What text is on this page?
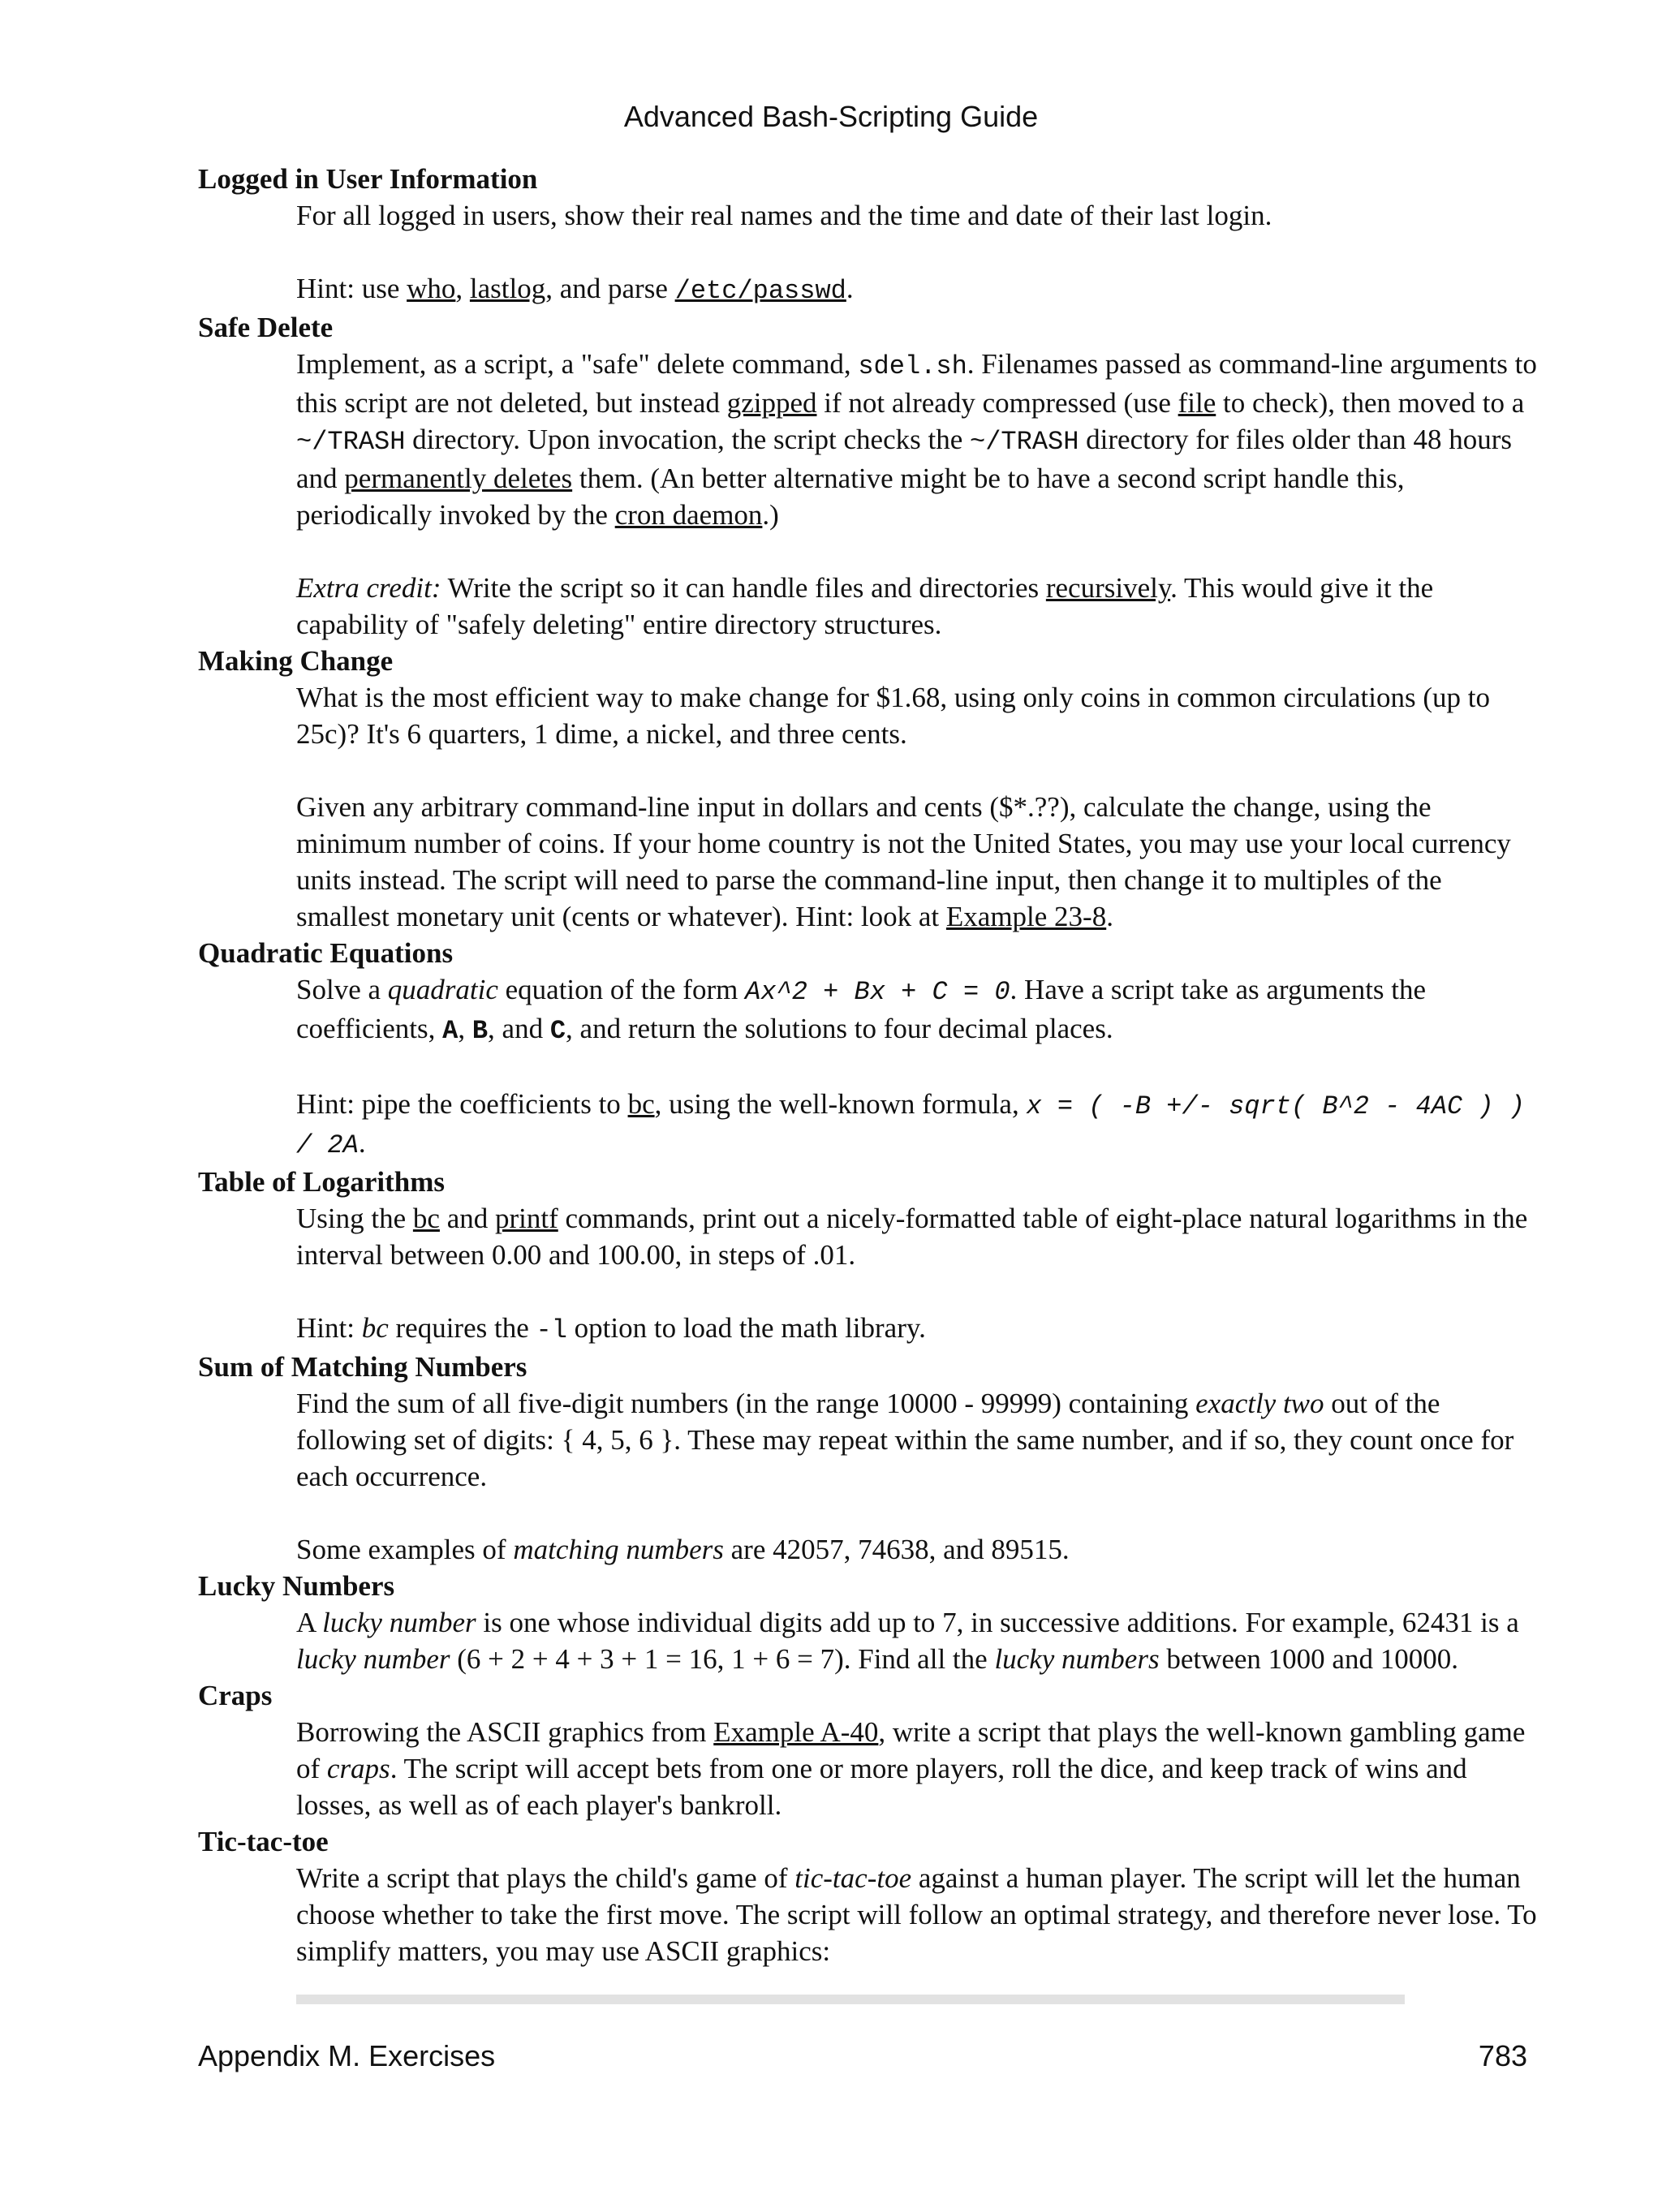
Advanced Bash-Scripting Guide
Logged in User Information

For all logged in users, show their real names and the time and date of their last login.

Hint: use who, lastlog, and parse /etc/passwd.

Safe Delete

Implement, as a script, a "safe" delete command, sdel.sh. Filenames passed as command-line arguments to this script are not deleted, but instead gzipped if not already compressed (use file to check), then moved to a ~/TRASH directory. Upon invocation, the script checks the ~/TRASH directory for files older than 48 hours and permanently deletes them. (An better alternative might be to have a second script handle this, periodically invoked by the cron daemon.)

Extra credit: Write the script so it can handle files and directories recursively. This would give it the capability of "safely deleting" entire directory structures.

Making Change

What is the most efficient way to make change for $1.68, using only coins in common circulations (up to 25c)? It's 6 quarters, 1 dime, a nickel, and three cents.

Given any arbitrary command-line input in dollars and cents ($*.??), calculate the change, using the minimum number of coins. If your home country is not the United States, you may use your local currency units instead. The script will need to parse the command-line input, then change it to multiples of the smallest monetary unit (cents or whatever). Hint: look at Example 23-8.

Quadratic Equations

Solve a quadratic equation of the form Ax^2 + Bx + C = 0. Have a script take as arguments the coefficients, A, B, and C, and return the solutions to four decimal places.

Hint: pipe the coefficients to bc, using the well-known formula, x = ( -B +/- sqrt( B^2 - 4AC ) ) / 2A.

Table of Logarithms

Using the bc and printf commands, print out a nicely-formatted table of eight-place natural logarithms in the interval between 0.00 and 100.00, in steps of .01.

Hint: bc requires the -l option to load the math library.

Sum of Matching Numbers

Find the sum of all five-digit numbers (in the range 10000 - 99999) containing exactly two out of the following set of digits: { 4, 5, 6 }. These may repeat within the same number, and if so, they count once for each occurrence.

Some examples of matching numbers are 42057, 74638, and 89515.

Lucky Numbers

A lucky number is one whose individual digits add up to 7, in successive additions. For example, 62431 is a lucky number (6 + 2 + 4 + 3 + 1 = 16, 1 + 6 = 7). Find all the lucky numbers between 1000 and 10000.

Craps

Borrowing the ASCII graphics from Example A-40, write a script that plays the well-known gambling game of craps. The script will accept bets from one or more players, roll the dice, and keep track of wins and losses, as well as of each player's bankroll.

Tic-tac-toe

Write a script that plays the child's game of tic-tac-toe against a human player. The script will let the human choose whether to take the first move. The script will follow an optimal strategy, and therefore never lose. To simplify matters, you may use ASCII graphics:

Appendix M. Exercises	783
